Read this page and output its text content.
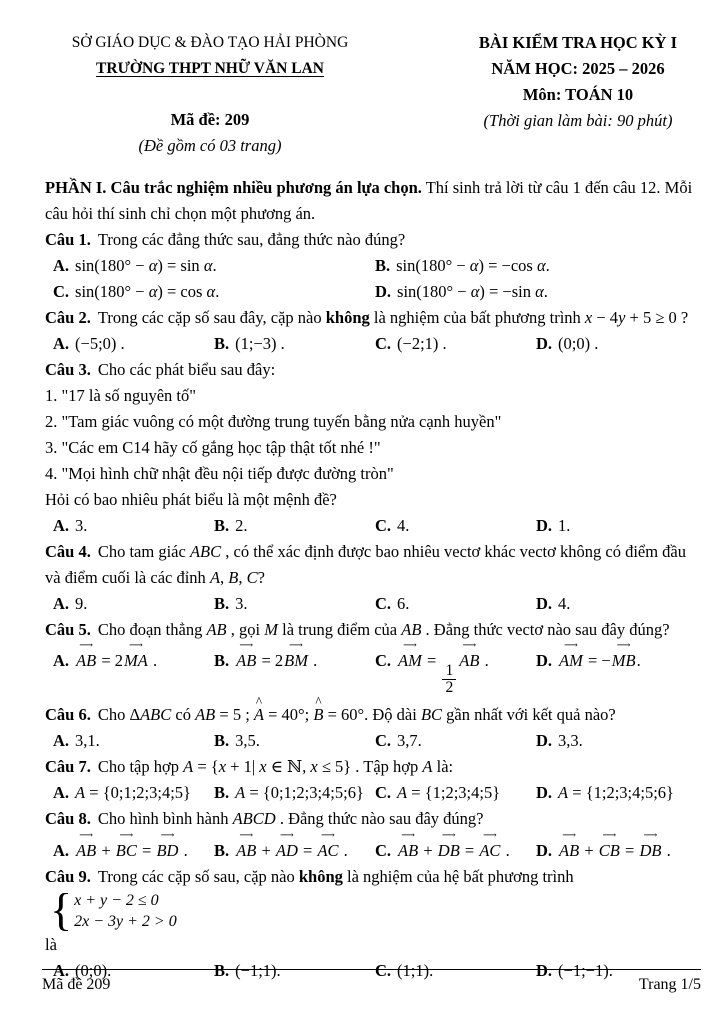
SỞ GIÁO DỤC & ĐÀO TẠO HẢI PHÒNG
TRƯỜNG THPT NHỮ VĂN LAN
Mã đề: 209
(Đề gồm có 03 trang)
BÀI KIỂM TRA HỌC KỲ I
NĂM HỌC: 2025 – 2026
Môn: TOÁN 10
(Thời gian làm bài: 90 phút)

PHẦN I. Câu trắc nghiệm nhiều phương án lựa chọn. Thí sinh trả lời từ câu 1 đến câu 12. Mỗi câu hỏi thí sinh chỉ chọn một phương án.

Câu 1. Trong các đẳng thức sau, đẳng thức nào đúng?

A. sin(180° − α) = sin α.	B. sin(180° − α) = −cos α.
C. sin(180° − α) = cos α.	D. sin(180° − α) = −sin α.

Câu 2. Trong các cặp số sau đây, cặp nào không là nghiệm của bất phương trình x − 4y + 5 ≥ 0 ?

A. (−5;0) .	B. (1;−3) .	C. (−2;1) .	D. (0;0) .

Câu 3. Cho các phát biểu sau đây:

1. "17 là số nguyên tố"

2. "Tam giác vuông có một đường trung tuyến bằng nửa cạnh huyền"

3. "Các em C14 hãy cố gắng học tập thật tốt nhé !"

4. "Mọi hình chữ nhật đều nội tiếp được đường tròn"

Hỏi có bao nhiêu phát biểu là một mệnh đề?

A. 3.	B. 2.	C. 4.	D. 1.

Câu 4. Cho tam giác ABC , có thể xác định được bao nhiêu vectơ khác vectơ không có điểm đầu và điểm cuối là các đỉnh A, B, C?

A. 9.	B. 3.	C. 6.	D. 4.

Câu 5. Cho đoạn thẳng AB , gọi M là trung điểm của AB . Đẳng thức vectơ nào sau đây đúng?

A. ⟶ AB = 2⟶ MA .	B. ⟶ AB = 2⟶ BM .	C. ⟶ AM =
$\frac{1}{2}$
⟶ AB .	D. ⟶ AM = −⟶ MB.

Câu 6. Cho ΔABC có AB = 5 ; ^ A = 40°; ^ B = 60°. Độ dài BC gần nhất với kết quả nào?

A. 3,1.	B. 3,5.	C. 3,7.	D. 3,3.

Câu 7. Cho tập hợp A = {x + 1| x ∈ ℕ, x ≤ 5} . Tập hợp A là:

A. A = {0;1;2;3;4;5}	B. A = {0;1;2;3;4;5;6} C. A = {1;2;3;4;5}	D. A = {1;2;3;4;5;6}

Câu 8. Cho hình bình hành ABCD . Đẳng thức nào sau đây đúng?

A. ⟶ AB + ⟶ BC = ⟶ BD .	B. ⟶ AB + ⟶ AD = ⟶ AC .	C. ⟶ AB + ⟶ DB = ⟶ AC .	D. ⟶ AB + ⟶ CB = ⟶ DB .

Câu 9. Trong các cặp số sau, cặp nào không là nghiệm của hệ bất phương trình
{ x + y − 2 ≤ 0
2x − 3y + 2 > 0

là

A. (0;0).	B. (−1;1).	C. (1;1).	D. (−1;−1).
Mã đề 209	Trang 1/5
